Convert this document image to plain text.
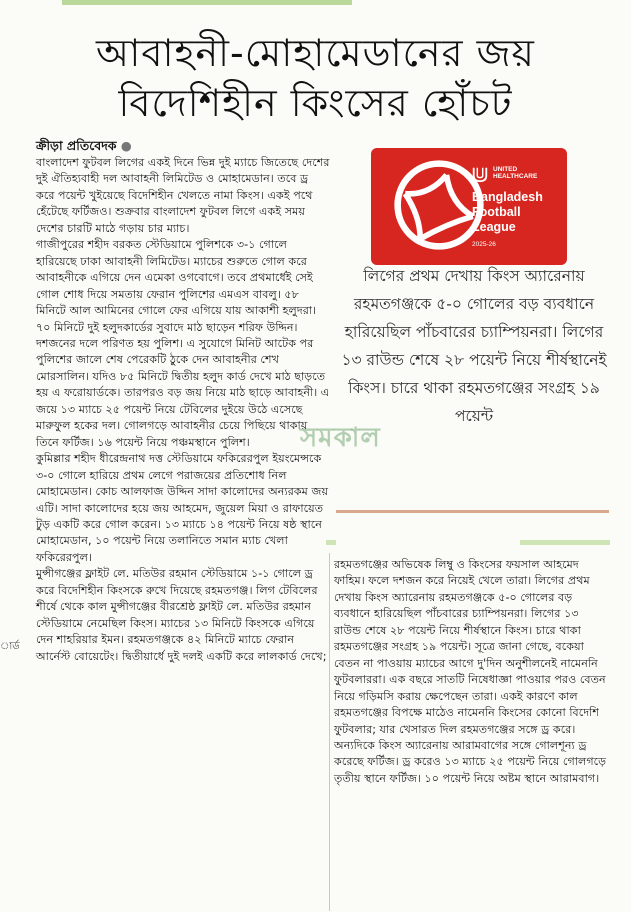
আবাহনী-মোহামেডানের জয়
বিদেশিহীন কিংসের হোঁচট
ক্রীড়া প্রতিবেদক ●

বাংলাদেশ ফুটবল লিগের একই দিনে ভিন্ন দুই ম্যাচে জিতেছে দেশের দুই ঐতিহ্যবাহী দল আবাহনী লিমিটেড ও মোহামেডান। তবে ড্র করে পয়েন্ট খুইয়েছে বিদেশিহীন খেলতে নামা কিংস। একই পথে হেঁটেছে ফর্টিজও। শুক্রবার বাংলাদেশ ফুটবল লিগে একই সময় দেশের চারটি মাঠে গড়ায় চার ম্যাচ।

গাজীপুরের শহীদ বরকত স্টেডিয়ামে পুলিশকে ৩-১ গোলে হারিয়েছে ঢাকা আবাহনী লিমিটেড। ম্যাচের শুরুতে গোল করে আবাহনীকে এগিয়ে দেন এমেকা ওগবোগে। তবে প্রথমার্ধেই সেই গোল শোধ দিয়ে সমতায় ফেরান পুলিশের এমএস বাবলু। ৫৮ মিনিটে আল আমিনের গোলে ফের এগিয়ে যায় আকাশী হলুদরা। ৭০ মিনিটে দুই হলুদকার্ডের সুবাদে মাঠ ছাড়েন শরিফ উদ্দিন। দশজনের দলে পরিণত হয় পুলিশ। এ সুযোগে মিনিট আটেক পর পুলিশের জালে শেষ পেরেকটি ঠুকে দেন আবাহনীর শেখ মোরসালিন। যদিও ৮৫ মিনিটে দ্বিতীয় হলুদ কার্ড দেখে মাঠ ছাড়তে হয় এ ফরোয়ার্ডকে। তারপরও বড় জয় নিয়ে মাঠ ছাড়ে আবাহনী। এ জয়ে ১৩ ম্যাচে ২৫ পয়েন্ট নিয়ে টেবিলের দুইয়ে উঠে এসেছে মারুফুল হকের দল। গোলগড়ে আবাহনীর চেয়ে পিছিয়ে থাকায় তিনে ফর্টিজ। ১৬ পয়েন্ট নিয়ে পঞ্চমস্থানে পুলিশ।

কুমিল্লার শহীদ ধীরেন্দ্রনাথ দত্ত স্টেডিয়ামে ফকিরেরপুল ইয়ংমেন্সকে ৩-০ গোলে হারিয়ে প্রথম লেগে পরাজয়ের প্রতিশোধ নিল মোহামেডান। কোচ আলফাজ উদ্দিন সাদা কালোদের অন্যরকম জয় এটি। সাদা কালোদের হয়ে জয় আহমেদ, জুয়েল মিয়া ও রাফায়েত টুড় একটি করে গোল করেন। ১৩ ম্যাচে ১৪ পয়েন্ট নিয়ে ষষ্ঠ স্থানে মোহামেডান, ১০ পয়েন্ট নিয়ে তলানিতে সমান ম্যাচ খেলা ফকিরেরপুল।

মুন্সীগঞ্জের ফ্লাইট লে. মতিউর রহমান স্টেডিয়ামে ১-১ গোলে ড্র করে বিদেশিহীন কিংসকে রুখে দিয়েছে রহমতগঞ্জ। লিগ টেবিলের শীর্ষে থেকে কাল মুন্সীগঞ্জের বীরশ্রেষ্ঠ ফ্লাইট লে. মতিউর রহমান স্টেডিয়ামে নেমেছিল কিংস। ম্যাচের ১৩ মিনিটে কিংসকে এগিয়ে দেন শাহরিয়ার ইমন। রহমতগঞ্জকে ৪২ মিনিটে ম্যাচে ফেরান আর্নেস্ট বোয়েটেং। দ্বিতীয়ার্ধে দুই দলই একটি করে লালকার্ড দেখে;

UNITED
HEALTHCARE
Bangladesh
Football
League
2025-26
লিগের প্রথম দেখায় কিংস অ্যারেনায় রহমতগঞ্জকে ৫-০ গোলের বড় ব্যবধানে হারিয়েছিল পাঁচবারের চ্যাম্পিয়নরা। লিগের ১৩ রাউন্ড শেষে ২৮ পয়েন্ট নিয়ে শীর্ষস্থানেই কিংস। চারে থাকা রহমতগঞ্জের সংগ্রহ ১৯ পয়েন্ট

রহমতগঞ্জের অভিষেক লিম্বু ও কিংসের ফয়সাল আহমেদ ফাহিম। ফলে দশজন করে নিয়েই খেলে তারা। লিগের প্রথম দেখায় কিংস অ্যারেনায় রহমতগঞ্জকে ৫-০ গোলের বড় ব্যবধানে হারিয়েছিল পাঁচবারের চ্যাম্পিয়নরা। লিগের ১৩ রাউন্ড শেষে ২৮ পয়েন্ট নিয়ে শীর্ষস্থানে কিংস। চারে থাকা রহমতগঞ্জের সংগ্রহ ১৯ পয়েন্ট। সূত্রে জানা গেছে, বকেয়া বেতন না পাওয়ায় ম্যাচের আগে দু'দিন অনুশীলনেই নামেননি ফুটবলাররা। এক বছরে সাতটি নিষেধাজ্ঞা পাওয়ার পরও বেতন নিয়ে গড়িমসি করায় ক্ষেপেছেন তারা। একই কারণে কাল রহমতগঞ্জের বিপক্ষে মাঠেও নামেননি কিংসের কোনো বিদেশি ফুটবলার; যার খেসারত দিল রহমতগঞ্জের সঙ্গে ড্র করে। অন্যদিকে কিংস অ্যারেনায় আরামবাগের সঙ্গে গোলশূন্য ড্র করেছে ফর্টিজ। ড্র করেও ১৩ ম্যাচে ২৫ পয়েন্ট নিয়ে গোলগড়ে তৃতীয় স্থানে ফর্টিজ। ১০ পয়েন্ট নিয়ে অষ্টম স্থানে আরামবাগ।

সমকাল
ার্ড
